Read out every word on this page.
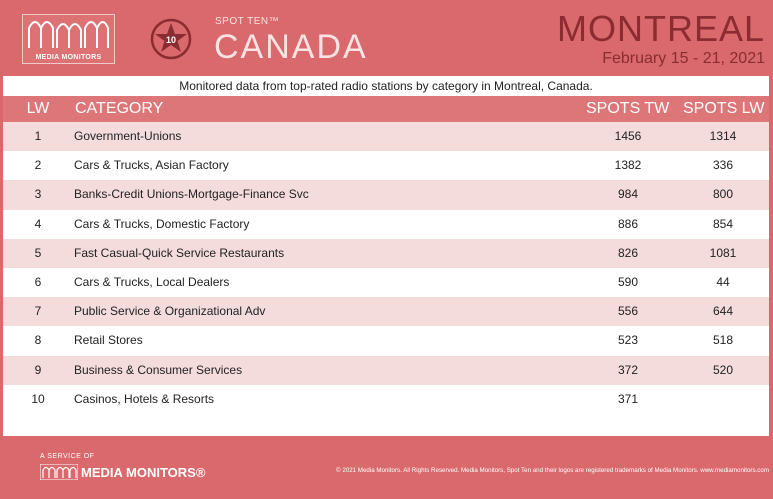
MEDIA MONITORS
10
SPOT TEN™
CANADA	MONTREAL
February 15 - 21, 2021
Monitored data from top-rated radio stations by category in Montreal, Canada.
LW CATEGORY	SPOTS TW SPOTS LW
1	Government-Unions	1456	1314
2	Cars & Trucks, Asian Factory	1382	336
3	Banks-Credit Unions-Mortgage-Finance Svc	984	800
4	Cars & Trucks, Domestic Factory	886	854
5	Fast Casual-Quick Service Restaurants	826	1081
6	Cars & Trucks, Local Dealers	590	44
7	Public Service & Organizational Adv	556	644
8	Retail Stores	523	518
9	Business & Consumer Services	372	520
10	Casinos, Hotels & Resorts	371
A SERVICE OF
MEDIA MONITORS®	© 2021 Media Monitors. All Rights Reserved. Media Monitors, Spot Ten and their logos are registered trademarks of Media Monitors. www.mediamonitors.com
